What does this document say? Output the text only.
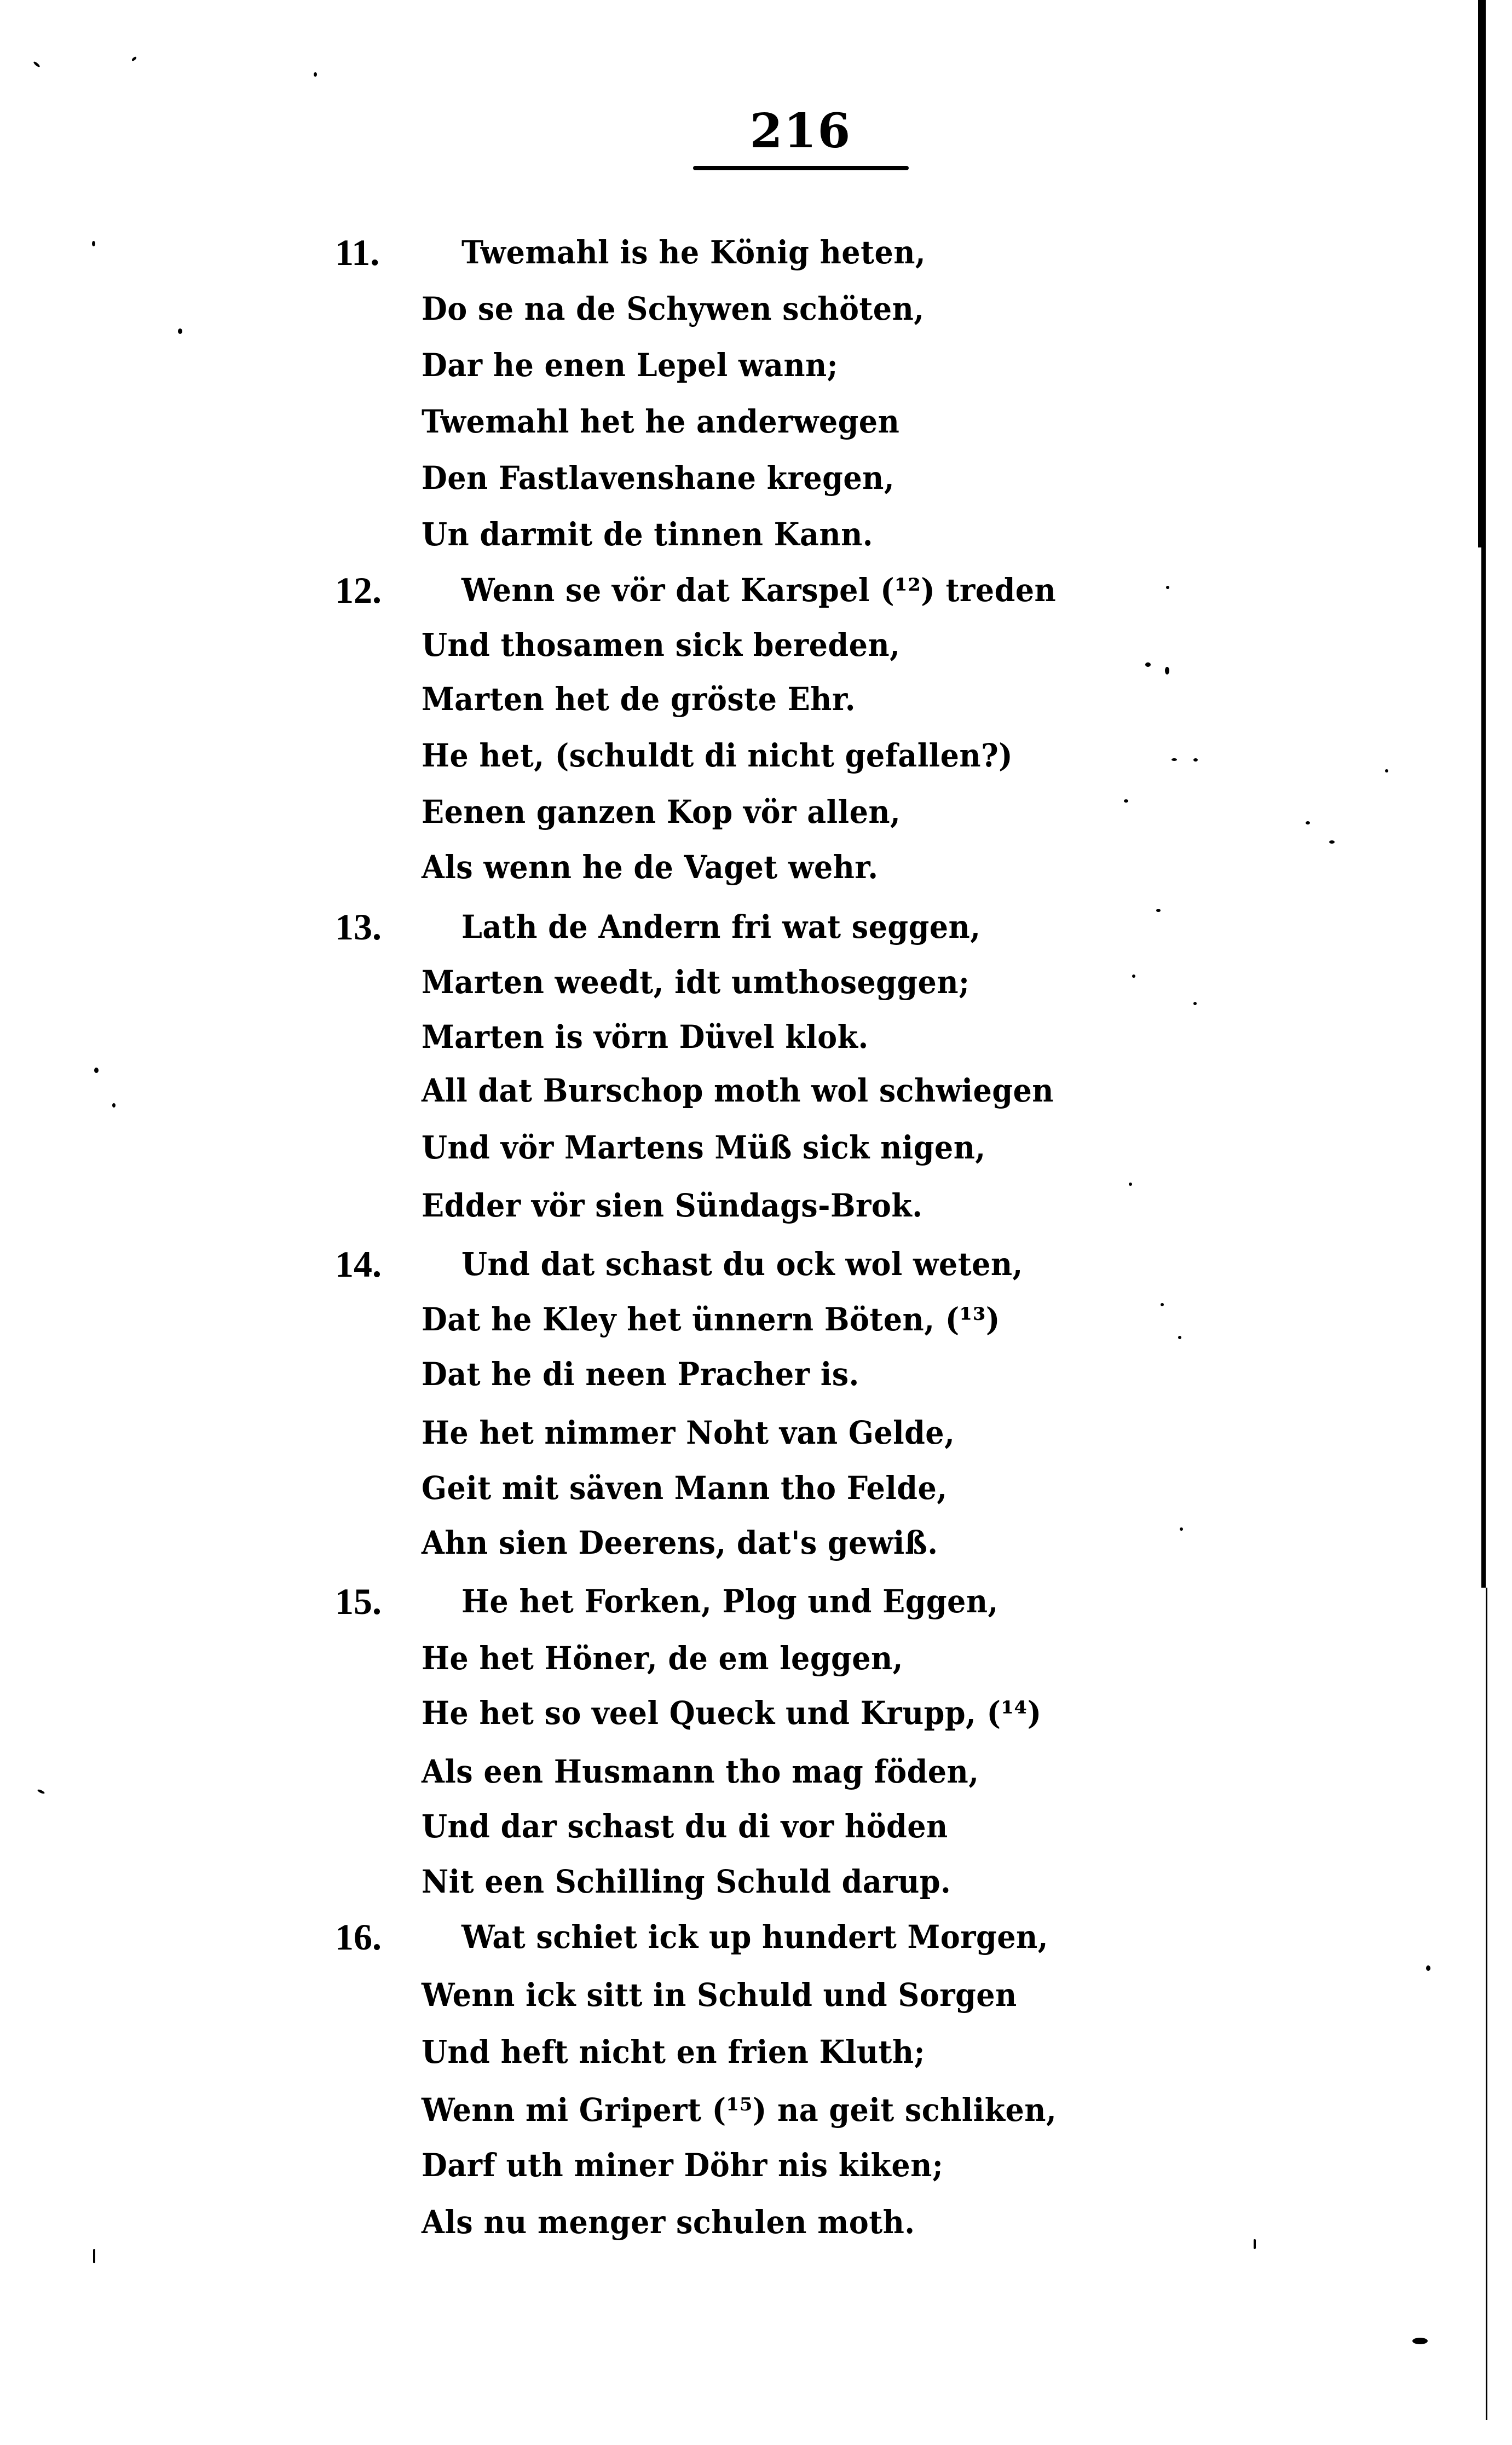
216
11.	Twemahl is he König heten,
Do se na de Schywen schöten,
Dar he enen Lepel wann;
Twemahl het he anderwegen
Den Fastlavenshane kregen,
Un darmit de tinnen Kann.
12.	Wenn se vör dat Karspel (¹²) treden
Und thosamen sick bereden,
Marten het de gröste Ehr.
He het, (schuldt di nicht gefallen?)
Eenen ganzen Kop vör allen,
Als wenn he de Vaget wehr.
13.	Lath de Andern fri wat seggen,
Marten weedt, idt umthoseggen;
Marten is vörn Düvel klok.
All dat Burschop moth wol schwiegen
Und vör Martens Müß sick nigen,
Edder vör sien Sündags-Brok.
14.	Und dat schast du ock wol weten,
Dat he Kley het ünnern Böten, (¹³)
Dat he di neen Pracher is.
He het nimmer Noht van Gelde,
Geit mit säven Mann tho Felde,
Ahn sien Deerens, dat's gewiß.
15.	He het Forken, Plog und Eggen,
He het Höner, de em leggen,
He het so veel Queck und Krupp, (¹⁴)
Als een Husmann tho mag föden,
Und dar schast du di vor höden
Nit een Schilling Schuld darup.
16.	Wat schiet ick up hundert Morgen,
Wenn ick sitt in Schuld und Sorgen
Und heft nicht en frien Kluth;
Wenn mi Gripert (¹⁵) na geit schliken,
Darf uth miner Döhr nis kiken;
Als nu menger schulen moth.
